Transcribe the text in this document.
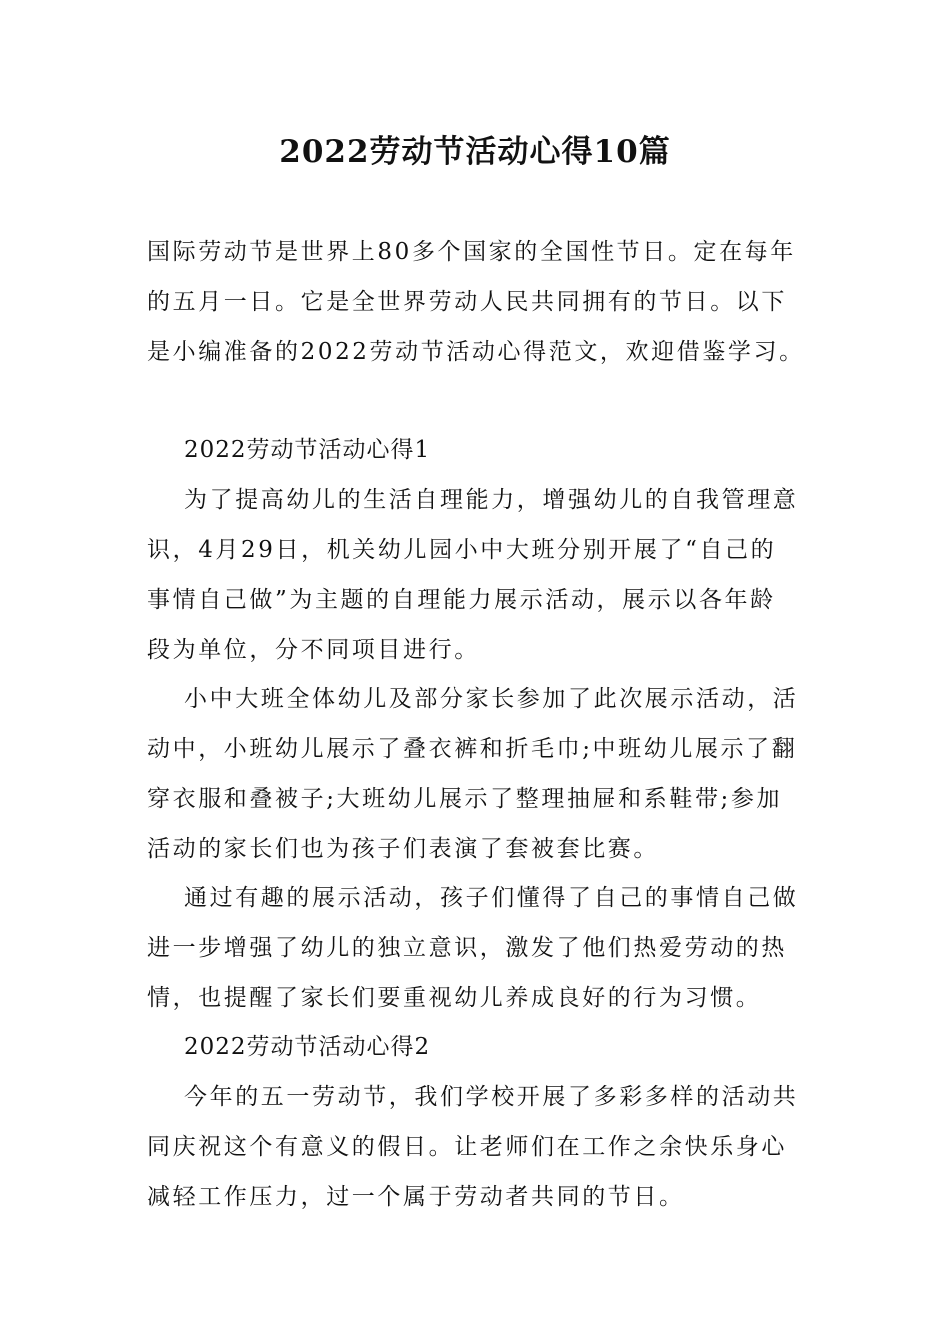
2022劳动节活动心得10篇
国际劳动节是世界上80多个国家的全国性节日。定在每年
的五月一日。它是全世界劳动人民共同拥有的节日。以下
是小编准备的2022劳动节活动心得范文，欢迎借鉴学习。
2022劳动节活动心得1
为了提高幼儿的生活自理能力，增强幼儿的自我管理意
识，4月29日，机关幼儿园小中大班分别开展了“自己的
事情自己做”为主题的自理能力展示活动，展示以各年龄
段为单位，分不同项目进行。
小中大班全体幼儿及部分家长参加了此次展示活动，活
动中，小班幼儿展示了叠衣裤和折毛巾;中班幼儿展示了翻
穿衣服和叠被子;大班幼儿展示了整理抽屉和系鞋带;参加
活动的家长们也为孩子们表演了套被套比赛。
通过有趣的展示活动，孩子们懂得了自己的事情自己做
进一步增强了幼儿的独立意识，激发了他们热爱劳动的热
情，也提醒了家长们要重视幼儿养成良好的行为习惯。
2022劳动节活动心得2
今年的五一劳动节，我们学校开展了多彩多样的活动共
同庆祝这个有意义的假日。让老师们在工作之余快乐身心
减轻工作压力，过一个属于劳动者共同的节日。
